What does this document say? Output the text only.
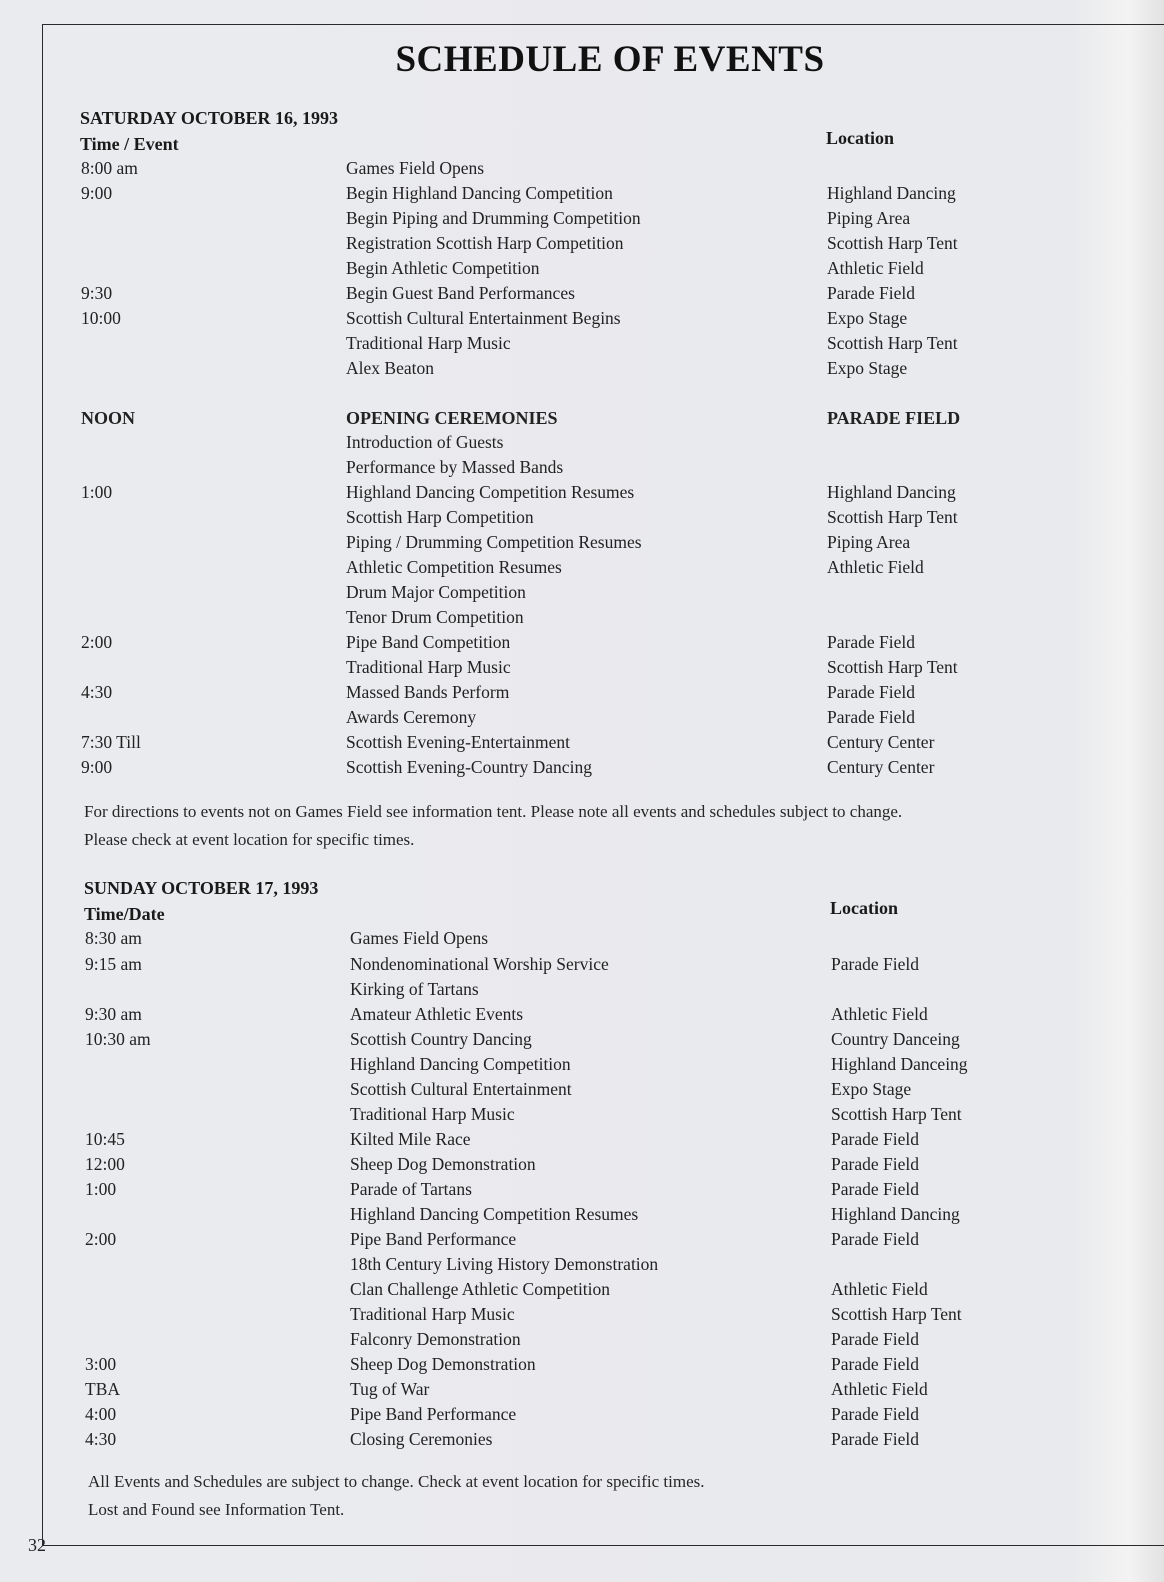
SCHEDULE OF EVENTS
SATURDAY OCTOBER 16, 1993
Time / Event	Location
8:00 am	Games Field Opens
9:00	Begin Highland Dancing Competition	Highland Dancing
Begin Piping and Drumming Competition	Piping Area
Registration Scottish Harp Competition	Scottish Harp Tent
Begin Athletic Competition	Athletic Field
9:30	Begin Guest Band Performances	Parade Field
10:00	Scottish Cultural Entertainment Begins	Expo Stage
Traditional Harp Music	Scottish Harp Tent
Alex Beaton	Expo Stage
NOON	OPENING CEREMONIES	PARADE FIELD
Introduction of Guests
Performance by Massed Bands
1:00	Highland Dancing Competition Resumes	Highland Dancing
Scottish Harp Competition	Scottish Harp Tent
Piping / Drumming Competition Resumes	Piping Area
Athletic Competition Resumes	Athletic Field
Drum Major Competition
Tenor Drum Competition
2:00	Pipe Band Competition	Parade Field
Traditional Harp Music	Scottish Harp Tent
4:30	Massed Bands Perform	Parade Field
Awards Ceremony	Parade Field
7:30 Till	Scottish Evening-Entertainment	Century Center
9:00	Scottish Evening-Country Dancing	Century Center
For directions to events not on Games Field see information tent. Please note all events and schedules subject to change.
Please check at event location for specific times.
SUNDAY OCTOBER 17, 1993
Time/Date	Location
8:30 am	Games Field Opens
9:15 am	Nondenominational Worship Service	Parade Field
Kirking of Tartans
9:30 am	Amateur Athletic Events	Athletic Field
10:30 am	Scottish Country Dancing	Country Danceing
Highland Dancing Competition	Highland Danceing
Scottish Cultural Entertainment	Expo Stage
Traditional Harp Music	Scottish Harp Tent
10:45	Kilted Mile Race	Parade Field
12:00	Sheep Dog Demonstration	Parade Field
1:00	Parade of Tartans	Parade Field
Highland Dancing Competition Resumes	Highland Dancing
2:00	Pipe Band Performance	Parade Field
18th Century Living History Demonstration
Clan Challenge Athletic Competition	Athletic Field
Traditional Harp Music	Scottish Harp Tent
Falconry Demonstration	Parade Field
3:00	Sheep Dog Demonstration	Parade Field
TBA	Tug of War	Athletic Field
4:00	Pipe Band Performance	Parade Field
4:30	Closing Ceremonies	Parade Field
All Events and Schedules are subject to change. Check at event location for specific times.
Lost and Found see Information Tent.
32
